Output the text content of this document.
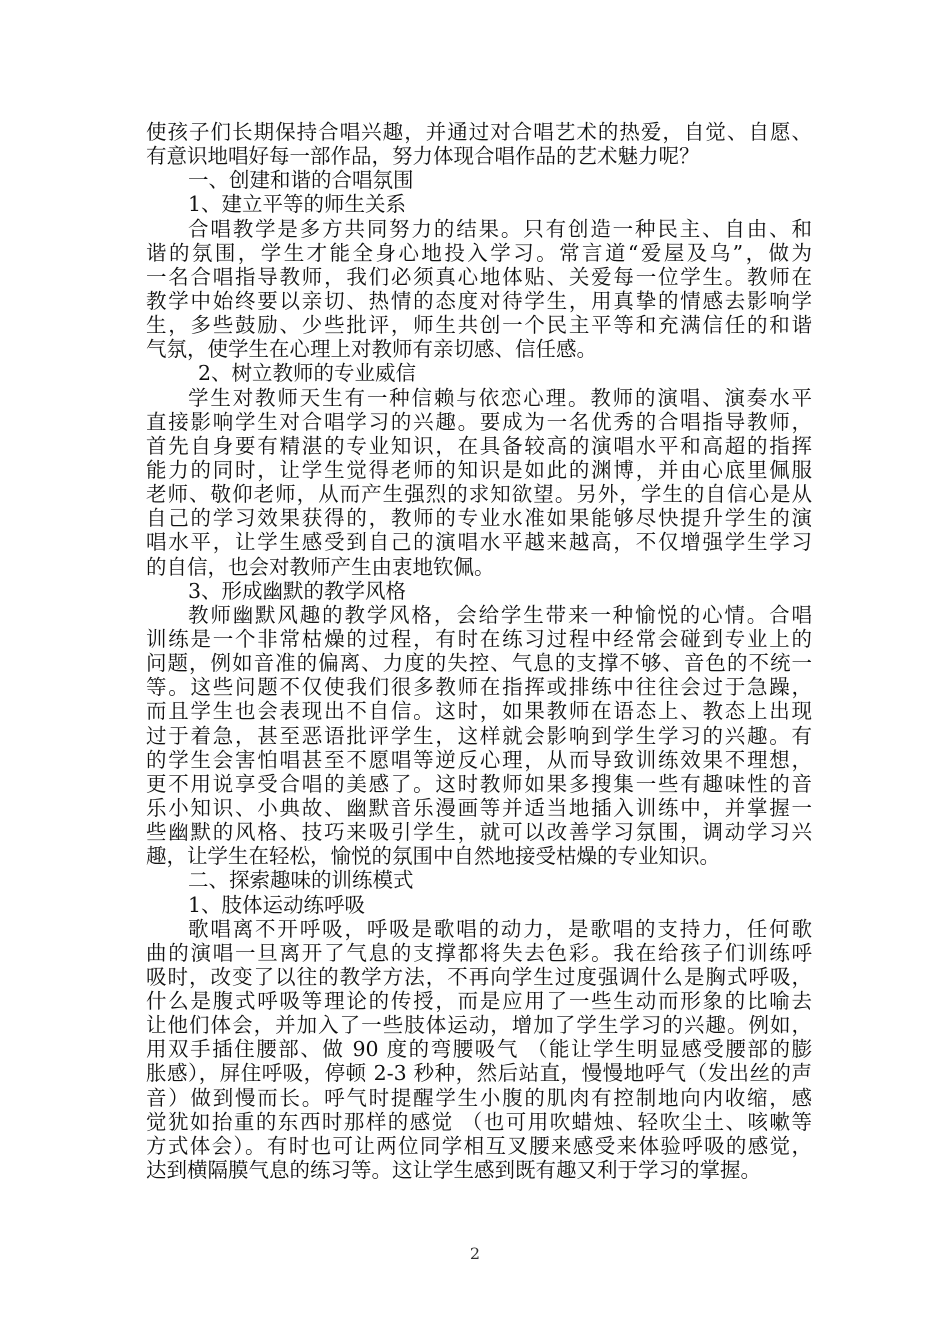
使孩子们长期保持合唱兴趣，并通过对合唱艺术的热爱，自觉、自愿、
有意识地唱好每一部作品，努力体现合唱作品的艺术魅力呢？
一、创建和谐的合唱氛围
1、建立平等的师生关系
合唱教学是多方共同努力的结果。只有创造一种民主、自由、和
谐的氛围，学生才能全身心地投入学习。常言道“爱屋及乌”，做为
一名合唱指导教师，我们必须真心地体贴、关爱每一位学生。教师在
教学中始终要以亲切、热情的态度对待学生，用真挚的情感去影响学
生，多些鼓励、少些批评，师生共创一个民主平等和充满信任的和谐
气氛，使学生在心理上对教师有亲切感、信任感。
2、树立教师的专业威信
学生对教师天生有一种信赖与依恋心理。教师的演唱、演奏水平
直接影响学生对合唱学习的兴趣。要成为一名优秀的合唱指导教师，
首先自身要有精湛的专业知识，在具备较高的演唱水平和高超的指挥
能力的同时，让学生觉得老师的知识是如此的渊博，并由心底里佩服
老师、敬仰老师，从而产生强烈的求知欲望。另外，学生的自信心是从
自己的学习效果获得的，教师的专业水准如果能够尽快提升学生的演
唱水平，让学生感受到自己的演唱水平越来越高，不仅增强学生学习
的自信，也会对教师产生由衷地钦佩。
3、形成幽默的教学风格
教师幽默风趣的教学风格，会给学生带来一种愉悦的心情。合唱
训练是一个非常枯燥的过程，有时在练习过程中经常会碰到专业上的
问题，例如音准的偏离、力度的失控、气息的支撑不够、音色的不统一
等。这些问题不仅使我们很多教师在指挥或排练中往往会过于急躁，
而且学生也会表现出不自信。这时，如果教师在语态上、教态上出现
过于着急，甚至恶语批评学生，这样就会影响到学生学习的兴趣。有
的学生会害怕唱甚至不愿唱等逆反心理，从而导致训练效果不理想，
更不用说享受合唱的美感了。这时教师如果多搜集一些有趣味性的音
乐小知识、小典故、幽默音乐漫画等并适当地插入训练中，并掌握一
些幽默的风格、技巧来吸引学生，就可以改善学习氛围，调动学习兴
趣，让学生在轻松，愉悦的氛围中自然地接受枯燥的专业知识。
二、探索趣味的训练模式
1、肢体运动练呼吸
歌唱离不开呼吸，呼吸是歌唱的动力，是歌唱的支持力，任何歌
曲的演唱一旦离开了气息的支撑都将失去色彩。我在给孩子们训练呼
吸时，改变了以往的教学方法，不再向学生过度强调什么是胸式呼吸，
什么是腹式呼吸等理论的传授，而是应用了一些生动而形象的比喻去
让他们体会，并加入了一些肢体运动，增加了学生学习的兴趣。例如，
用双手插住腰部、做 90 度的弯腰吸气 （能让学生明显感受腰部的膨
胀感），屏住呼吸，停顿 2-3 秒种，然后站直，慢慢地呼气（发出丝的声
音）做到慢而长。呼气时提醒学生小腹的肌肉有控制地向内收缩，感
觉犹如抬重的东西时那样的感觉 （也可用吹蜡烛、轻吹尘土、咳嗽等
方式体会）。有时也可让两位同学相互叉腰来感受来体验呼吸的感觉，
达到横隔膜气息的练习等。这让学生感到既有趣又利于学习的掌握。
2
